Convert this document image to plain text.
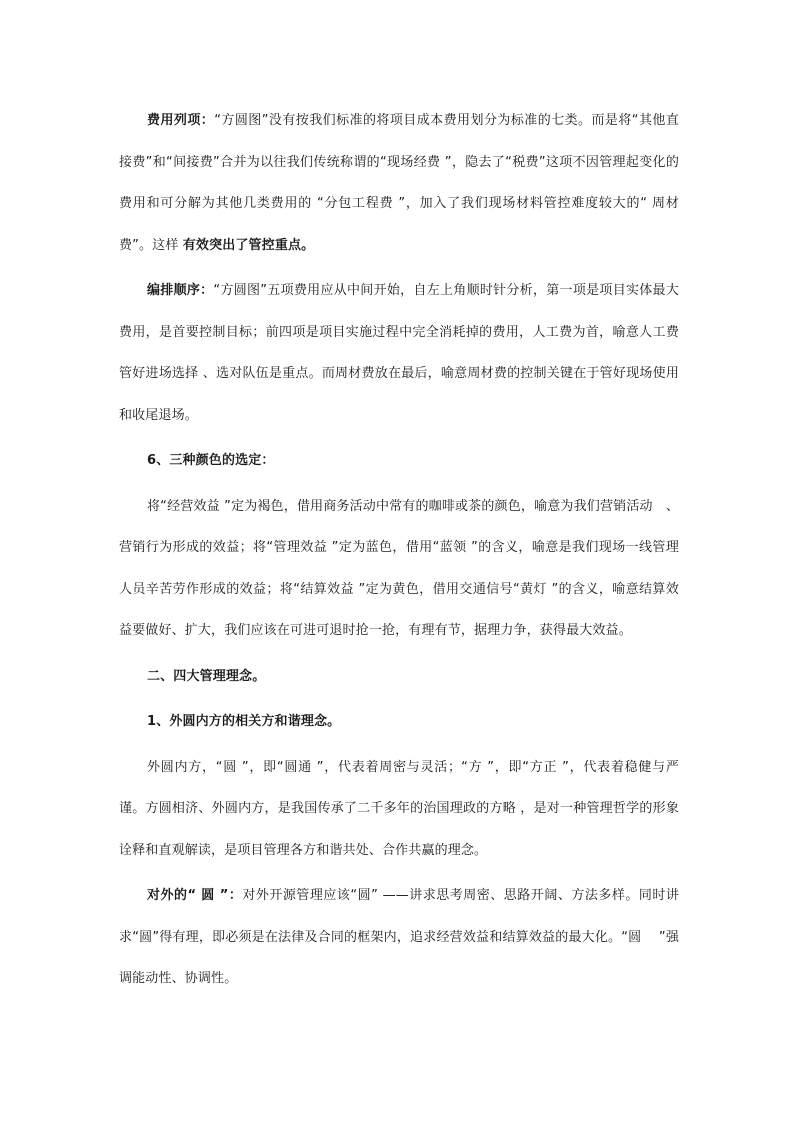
费用列项：“方圆图”没有按我们标准的将项目成本费用划分为标准的七类。而是将“其他直接费”和“间接费”合并为以往我们传统称谓的“现场经费 ”，隐去了“税费”这项不因管理起变化的费用和可分解为其他几类费用的 “分包工程费 ”，加入了我们现场材料管控难度较大的“ 周材费”。这样 有效突出了管控重点。

编排顺序：“方圆图”五项费用应从中间开始，自左上角顺时针分析，第一项是项目实体最大费用，是首要控制目标；前四项是项目实施过程中完全消耗掉的费用，人工费为首，喻意人工费管好进场选择 、选对队伍是重点。而周材费放在最后，喻意周材费的控制关键在于管好现场使用和收尾退场。

6、三种颜色的选定：

将“经营效益 ”定为褐色，借用商务活动中常有的咖啡或茶的颜色，喻意为我们营销活动　、营销行为形成的效益；将“管理效益 ”定为蓝色，借用“蓝领 ”的含义，喻意是我们现场一线管理人员辛苦劳作形成的效益；将“结算效益 ”定为黄色，借用交通信号“黄灯 ”的含义，喻意结算效益要做好、扩大，我们应该在可进可退时抢一抢，有理有节，据理力争，获得最大效益。

二、四大管理理念。

1、外圆内方的相关方和谐理念。

外圆内方，“圆 ”，即“圆通 ”，代表着周密与灵活；“方 ”，即“方正 ”，代表着稳健与严谨。方圆相济、外圆内方，是我国传承了二千多年的治国理政的方略 ，是对一种管理哲学的形象诠释和直观解读，是项目管理各方和谐共处、合作共赢的理念。

对外的“ 圆 ”：对外开源管理应该“圆” ——讲求思考周密、思路开阔、方法多样。同时讲求“圆”得有理，即必须是在法律及合同的框架内，追求经营效益和结算效益的最大化。“圆　 ”强调能动性、协调性。
